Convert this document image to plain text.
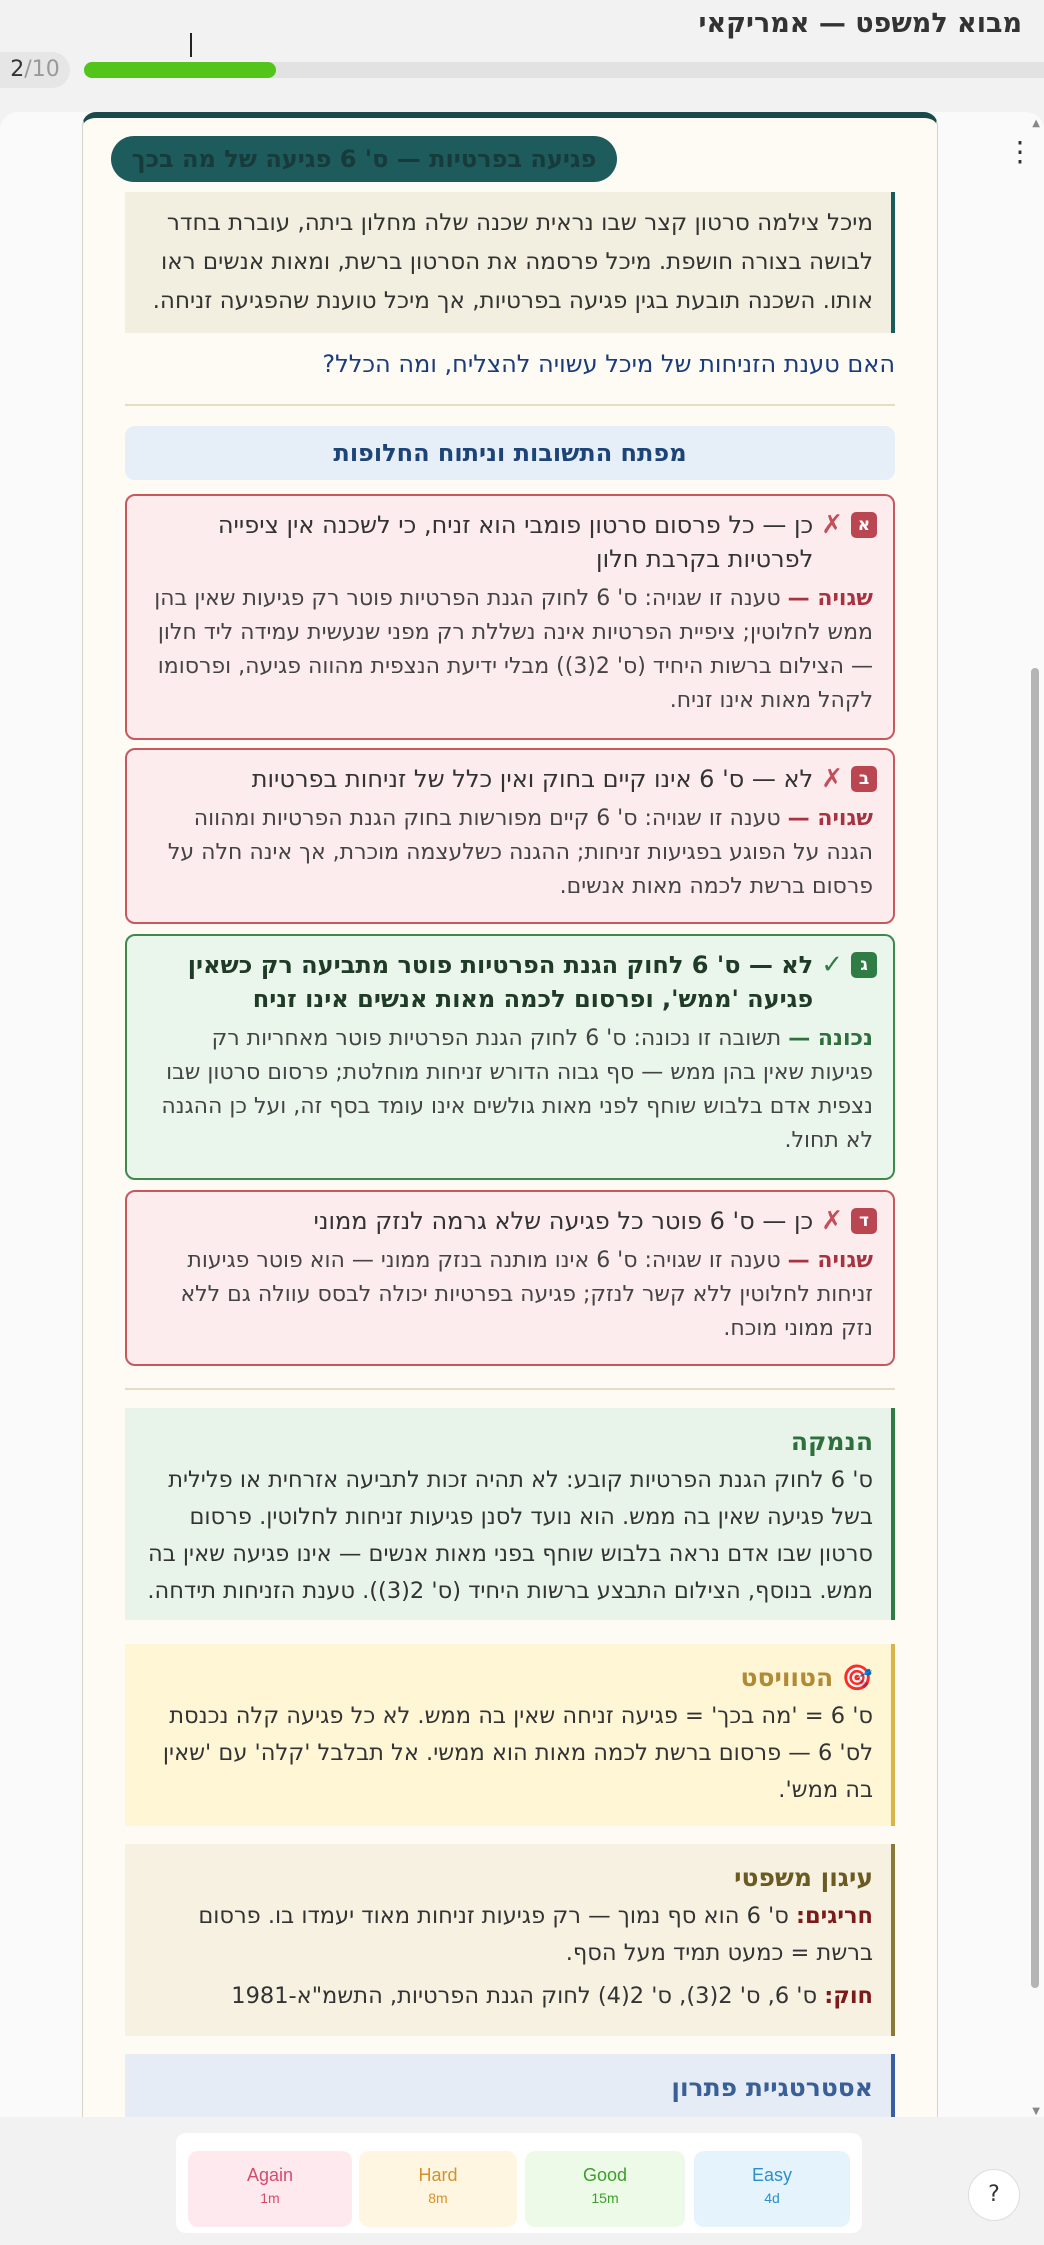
מבוא למשפט — אמריקאי
2/10
פגיעה בפרטיות — ס' 6 פגיעה של מה בכך
מיכל צילמה סרטון קצר שבו נראית שכנה שלה מחלון ביתה, עוברת בחדר לבושה בצורה חושפת. מיכל פרסמה את הסרטון ברשת, ומאות אנשים ראו אותו. השכנה תובעת בגין פגיעה בפרטיות, אך מיכל טוענת שהפגיעה זניחה.
האם טענת הזניחות של מיכל עשויה להצליח, ומה הכלל?
מפתח התשובות וניתוח החלופות
א
✗
כן — כל פרסום סרטון פומבי הוא זניח, כי לשכנה אין ציפייה לפרטיות בקרבת חלון
שגויה — טענה זו שגויה: ס' 6 לחוק הגנת הפרטיות פוטר רק פגיעות שאין בהן ממש לחלוטין; ציפיית הפרטיות אינה נשללת רק מפני שנעשית עמידה ליד חלון — הצילום ברשות היחיד (ס' 2(3)) מבלי ידיעת הנצפית מהווה פגיעה, ופרסומו לקהל מאות אינו זניח.
ב
✗
לא — ס' 6 אינו קיים בחוק ואין כלל של זניחות בפרטיות
שגויה — טענה זו שגויה: ס' 6 קיים מפורשות בחוק הגנת הפרטיות ומהווה הגנה על הפוגע בפגיעות זניחות; ההגנה כשלעצמה מוכרת, אך אינה חלה על פרסום ברשת לכמה מאות אנשים.
ג
✓
לא — ס' 6 לחוק הגנת הפרטיות פוטר מתביעה רק כשאין פגיעה 'ממש', ופרסום לכמה מאות אנשים אינו זניח
נכונה — תשובה זו נכונה: ס' 6 לחוק הגנת הפרטיות פוטר מאחריות רק פגיעות שאין בהן ממש — סף גבוה הדורש זניחות מוחלטת; פרסום סרטון שבו נצפית אדם בלבוש שוחף לפני מאות גולשים אינו עומד בסף זה, ועל כן ההגנה לא תחול.
ד
✗
כן — ס' 6 פוטר כל פגיעה שלא גרמה לנזק ממוני
שגויה — טענה זו שגויה: ס' 6 אינו מותנה בנזק ממוני — הוא פוטר פגיעות זניחות לחלוטין ללא קשר לנזק; פגיעה בפרטיות יכולה לבסס עוולה גם ללא נזק ממוני מוכח.
הנמקה
ס' 6 לחוק הגנת הפרטיות קובע: לא תהיה זכות לתביעה אזרחית או פלילית בשל פגיעה שאין בה ממש. הוא נועד לסנן פגיעות זניחות לחלוטין. פרסום סרטון שבו אדם נראה בלבוש שוחף בפני מאות אנשים — אינו פגיעה שאין בה ממש. בנוסף, הצילום התבצע ברשות היחיד (ס' 2(3)). טענת הזניחות תידחה.
🎯 הטוויסט
ס' 6 = 'מה בכך' = פגיעה זניחה שאין בה ממש. לא כל פגיעה קלה נכנסת לס' 6 — פרסום ברשת לכמה מאות הוא ממשי. אל תבלבל 'קלה' עם 'שאין בה ממש'.
עיגון משפטי
חריגים: ס' 6 הוא סף נמוך — רק פגיעות זניחות מאוד יעמדו בו. פרסום ברשת = כמעט תמיד מעל הסף.
חוק: ס' 6, ס' 2(3), ס' 2(4) לחוק הגנת הפרטיות, התשמ"א-1981
אסטרטגיית פתרון
⋮
▲
▼
Again
1m
Hard
8m
Good
15m
Easy
4d	?
